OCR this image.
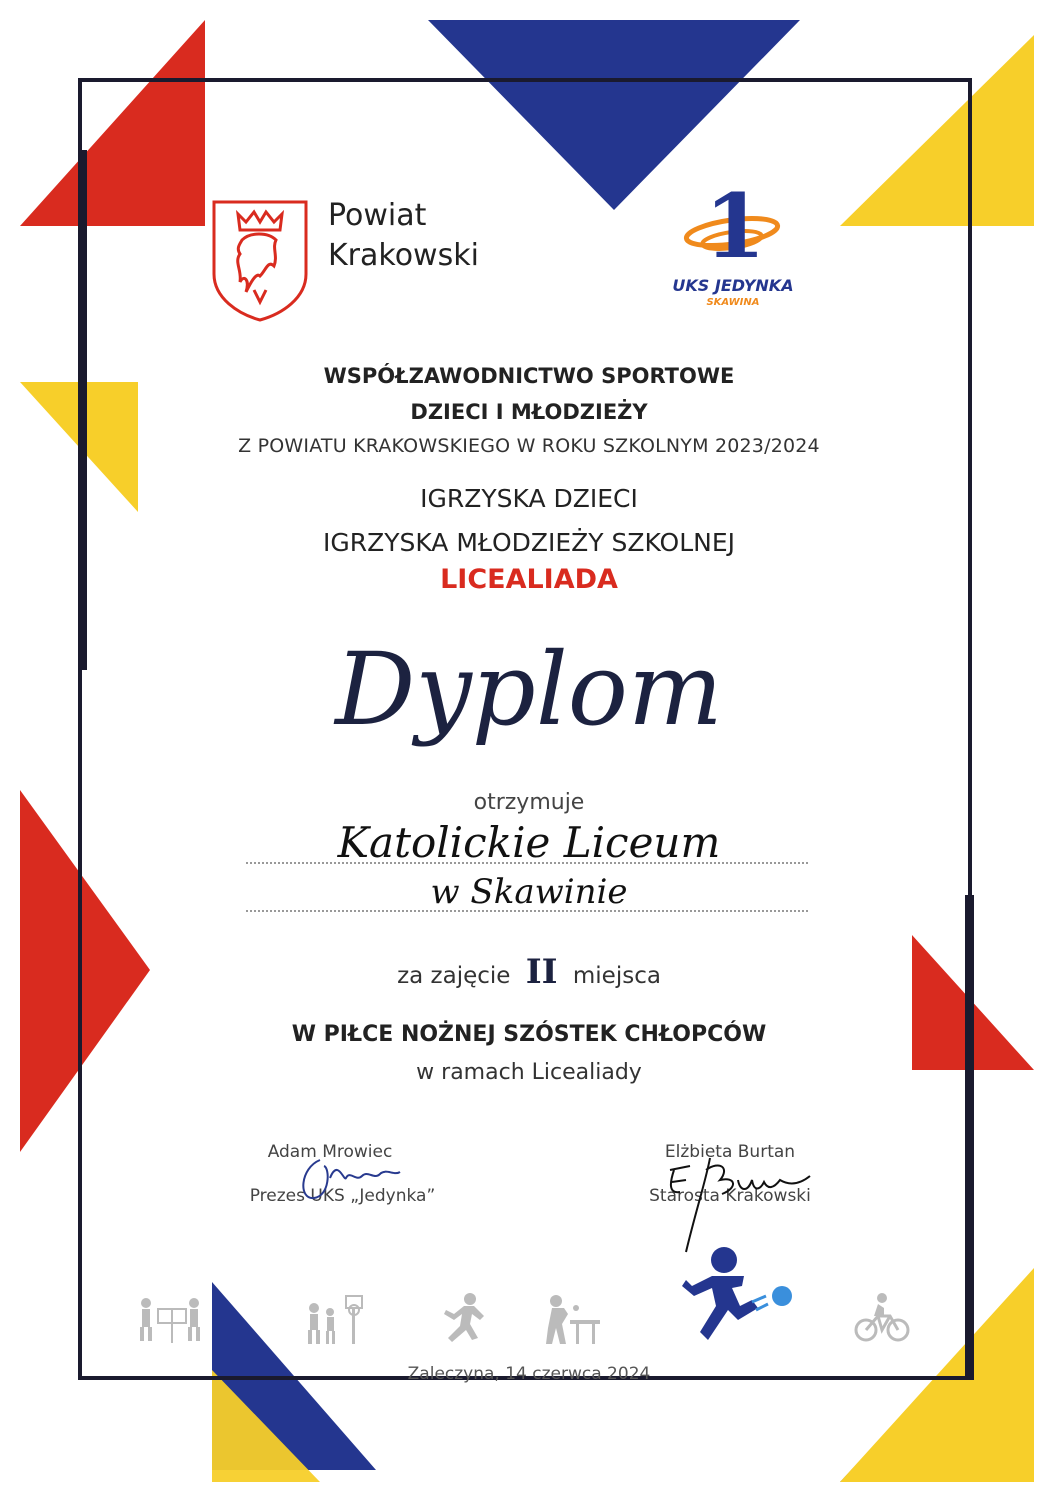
Powiat
Krakowski	1
UKS JEDYNKA
SKAWINA
WSPÓŁZAWODNICTWO SPORTOWE
DZIECI I MŁODZIEŻY
Z POWIATU KRAKOWSKIEGO W ROKU SZKOLNYM 2023/2024
IGRZYSKA DZIECI
IGRZYSKA MŁODZIEŻY SZKOLNEJ
LICEALIADA
Dyplom
otrzymuje
Katolickie Liceum
w Skawinie
za zajęcie II miejsca
W PIŁCE NOŻNEJ SZÓSTEK CHŁOPCÓW
w ramach Licealiady
Adam Mrowiec
Prezes UKS „Jedynka”
Elżbieta Burtan
Starosta Krakowski
Zaleczyna, 14 czerwca 2024
